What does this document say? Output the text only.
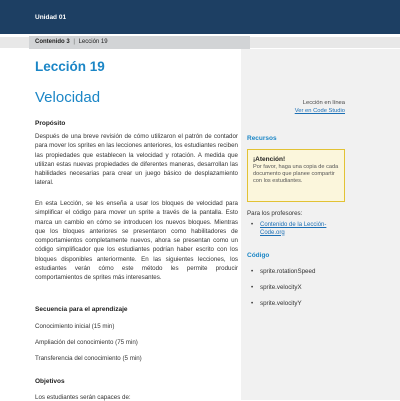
Unidad 01
Contenido 3 | Lección 19
Lección 19
Velocidad
Propósito

Después de una breve revisión de cómo utilizaron el patrón de contador para mover los sprites en las lecciones anteriores, los estudiantes reciben las propiedades que establecen la velocidad y rotación. A medida que utilizan estas nuevas propiedades de diferentes maneras, desarrollan las habilidades necesarias para crear un juego básico de desplazamiento lateral.

En esta Lección, se les enseña a usar los bloques de velocidad para simplificar el código para mover un sprite a través de la pantalla. Esto marca un cambio en cómo se introducen los nuevos bloques. Mientras que los bloques anteriores se presentaron como habilitadores de comportamientos completamente nuevos, ahora se presentan como un código simplificador que los estudiantes podrían haber escrito con los bloques disponibles anteriormente. En las siguientes lecciones, los estudiantes verán cómo este método les permite producir comportamientos de sprites más interesantes.

Secuencia para el aprendizaje
Conocimiento inicial (15 min)
Ampliación del conocimiento (75 min)
Transferencia del conocimiento (5 min)
Objetivos
Los estudiantes serán capaces de:
Lección en línea
Ver en Code Studio
Recursos
¡Atención!
Por favor, haga una copia de cada documento que planee compartir con los estudiantes.
Para los profesores:
• Contenido de la Lección- Code.org
Código
• sprite.rotationSpeed
• sprite.velocityX
• sprite.velocityY
